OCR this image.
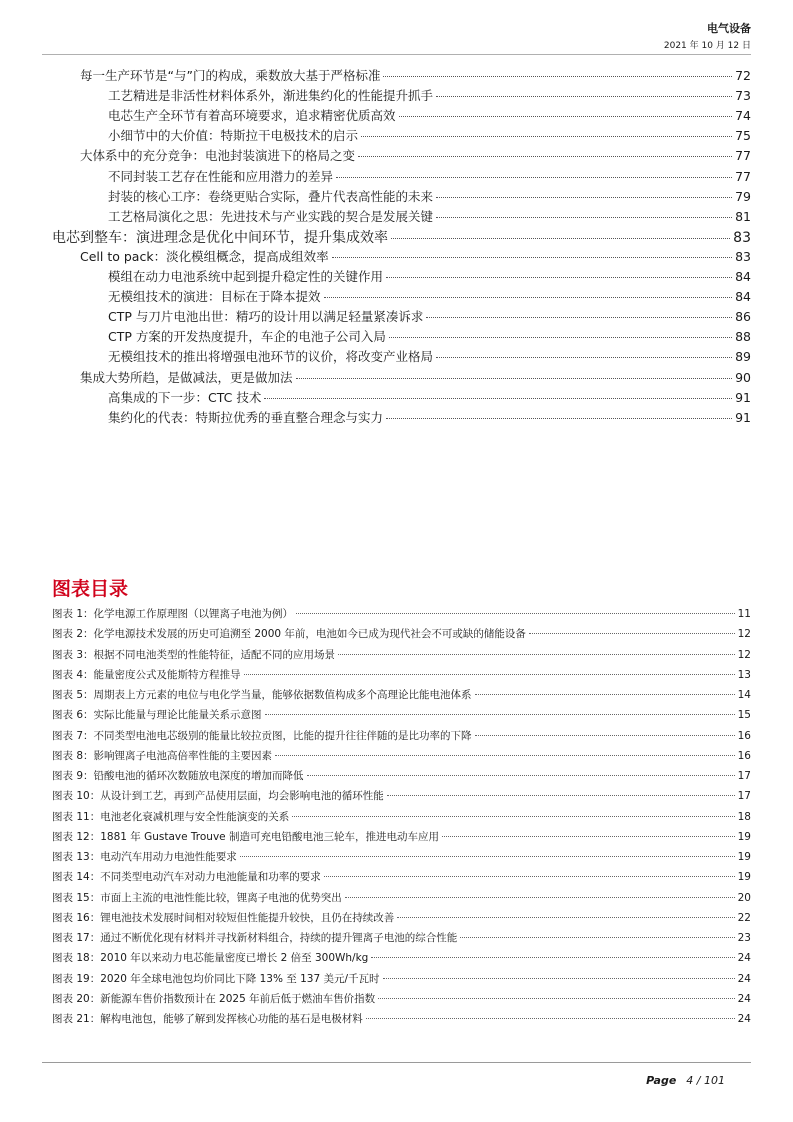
电气设备
2021 年 10 月 12 日
每一生产环节是“与”门的构成，乘数放大基于严格标准	72
工艺精进是非活性材料体系外，渐进集约化的性能提升抓手	73
电芯生产全环节有着高环境要求，追求精密优质高效	74
小细节中的大价值：特斯拉干电极技术的启示	75
大体系中的充分竞争：电池封装演进下的格局之变	77
不同封装工艺存在性能和应用潜力的差异	77
封装的核心工序：卷绕更贴合实际，叠片代表高性能的未来	79
工艺格局演化之思：先进技术与产业实践的契合是发展关键	81
电芯到整车：演进理念是优化中间环节，提升集成效率	83
Cell to pack：淡化模组概念，提高成组效率	83
模组在动力电池系统中起到提升稳定性的关键作用	84
无模组技术的演进：目标在于降本提效	84
CTP 与刀片电池出世：精巧的设计用以满足轻量紧凑诉求	86
CTP 方案的开发热度提升，车企的电池子公司入局	88
无模组技术的推出将增强电池环节的议价，将改变产业格局	89
集成大势所趋，是做减法，更是做加法	90
高集成的下一步：CTC 技术	91
集约化的代表：特斯拉优秀的垂直整合理念与实力	91
图表目录
图表 1： 化学电源工作原理图（以锂离子电池为例）	11
图表 2： 化学电源技术发展的历史可追溯至 2000 年前，电池如今已成为现代社会不可或缺的储能设备	12
图表 3： 根据不同电池类型的性能特征，适配不同的应用场景	12
图表 4： 能量密度公式及能斯特方程推导	13
图表 5： 周期表上方元素的电位与电化学当量，能够依据数值构成多个高理论比能电池体系	14
图表 6： 实际比能量与理论比能量关系示意图	15
图表 7： 不同类型电池电芯级别的能量比较拉贡图，比能的提升往往伴随的是比功率的下降	16
图表 8： 影响锂离子电池高倍率性能的主要因素	16
图表 9： 铅酸电池的循环次数随放电深度的增加而降低	17
图表 10： 从设计到工艺，再到产品使用层面，均会影响电池的循环性能	17
图表 11： 电池老化衰减机理与安全性能演变的关系	18
图表 12： 1881 年 Gustave Trouve 制造可充电铅酸电池三轮车，推进电动车应用	19
图表 13： 电动汽车用动力电池性能要求	19
图表 14： 不同类型电动汽车对动力电池能量和功率的要求	19
图表 15： 市面上主流的电池性能比较，锂离子电池的优势突出	20
图表 16： 锂电池技术发展时间相对较短但性能提升较快，且仍在持续改善	22
图表 17： 通过不断优化现有材料并寻找新材料组合，持续的提升锂离子电池的综合性能	23
图表 18： 2010 年以来动力电芯能量密度已增长 2 倍至 300Wh/kg	24
图表 19： 2020 年全球电池包均价同比下降 13% 至 137 美元/千瓦时	24
图表 20： 新能源车售价指数预计在 2025 年前后低于燃油车售价指数	24
图表 21： 解构电池包，能够了解到发挥核心功能的基石是电极材料	24
Page 4 / 101
